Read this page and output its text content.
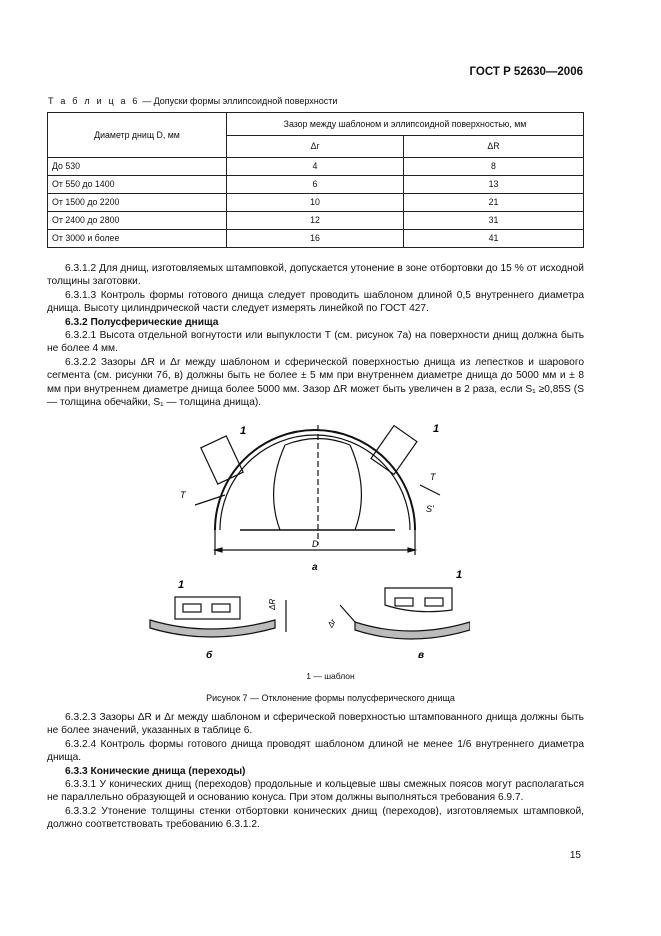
ГОСТ Р 52630—2006
Т а б л и ц а 6 — Допуски формы эллипсоидной поверхности
Диаметр днищ D, мм	Зазор между шаблоном и эллипсоидной поверхностью, мм	
	Δr	ΔR
До 530	4	8
От 550 до 1400	6	13
От 1500 до 2200	10	21
От 2400 до 2800	12	31
От 3000 и более	16	41

6.3.1.2 Для днищ, изготовляемых штамповкой, допускается утонение в зоне отбортовки до 15 % от исходной толщины заготовки.

6.3.1.3 Контроль формы готового днища следует проводить шаблоном длиной 0,5 внутреннего диаметра днища. Высоту цилиндрической части следует измерять линейкой по ГОСТ 427.

6.3.2 Полусферические днища

6.3.2.1 Высота отдельной вогнутости или выпуклости T (см. рисунок 7а) на поверхности днищ должна быть не более 4 мм.

6.3.2.2 Зазоры ΔR и Δr между шаблоном и сферической поверхностью днища из лепестков и шарового сегмента (см. рисунки 7б, в) должны быть не более ± 5 мм при внутреннем диаметре днища до 5000 мм и ± 8 мм при внутреннем диаметре днища более 5000 мм. Зазор ΔR может быть увеличен в 2 раза, если S₁ ≥0,85S (S — толщина обечайки, S₁ — толщина днища).

1	1
T
T
S'
D
а
1
ΔR
б
1
Δr
в
1 — шаблон
Рисунок 7 — Отклонение формы полусферического днища

6.3.2.3 Зазоры ΔR и Δr между шаблоном и сферической поверхностью штампованного днища должны быть не более значений, указанных в таблице 6.

6.3.2.4 Контроль формы готового днища проводят шаблоном длиной не менее 1/6 внутреннего диаметра днища.

6.3.3 Конические днища (переходы)

6.3.3.1 У конических днищ (переходов) продольные и кольцевые швы смежных поясов могут располагаться не параллельно образующей и основанию конуса. При этом должны выполняться требования 6.9.7.

6.3.3.2 Утонение толщины стенки отбортовки конических днищ (переходов), изготовляемых штамповкой, должно соответствовать требованию 6.3.1.2.

15
